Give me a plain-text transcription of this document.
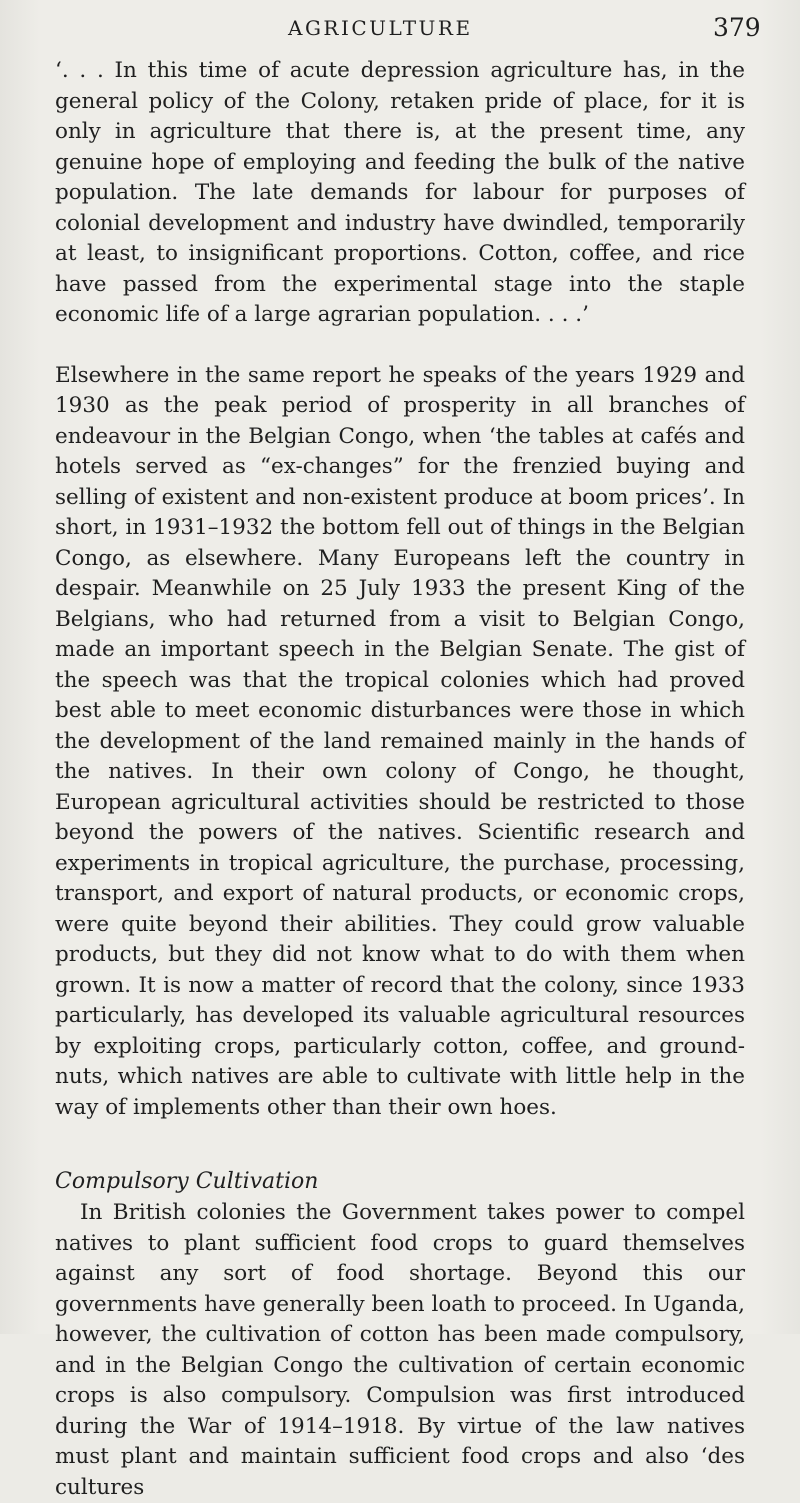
AGRICULTURE	379

‘. . . In this time of acute depression agriculture has, in the general policy of the Colony, retaken pride of place, for it is only in agriculture that there is, at the present time, any genuine hope of employing and feeding the bulk of the native population. The late demands for labour for purposes of colonial development and industry have dwindled, temporarily at least, to insignificant proportions. Cotton, coffee, and rice have passed from the experimental stage into the staple economic life of a large agrarian population. . . .’

Elsewhere in the same report he speaks of the years 1929 and 1930 as the peak period of prosperity in all branches of endeavour in the Belgian Congo, when ‘the tables at cafés and hotels served as “ex-changes” for the frenzied buying and selling of existent and non-existent produce at boom prices’. In short, in 1931–1932 the bottom fell out of things in the Belgian Congo, as elsewhere. Many Europeans left the country in despair. Meanwhile on 25 July 1933 the present King of the Belgians, who had returned from a visit to Belgian Congo, made an important speech in the Belgian Senate. The gist of the speech was that the tropical colonies which had proved best able to meet economic disturbances were those in which the development of the land remained mainly in the hands of the natives. In their own colony of Congo, he thought, European agricultural activities should be restricted to those beyond the powers of the natives. Scientific research and experiments in tropical agriculture, the purchase, processing, transport, and export of natural products, or economic crops, were quite beyond their abilities. They could grow valuable products, but they did not know what to do with them when grown. It is now a matter of record that the colony, since 1933 particularly, has developed its valuable agricultural resources by exploiting crops, particularly cotton, coffee, and ground-nuts, which natives are able to cultivate with little help in the way of implements other than their own hoes.

Compulsory Cultivation

In British colonies the Government takes power to compel natives to plant sufficient food crops to guard themselves against any sort of food shortage. Beyond this our governments have generally been loath to proceed. In Uganda, however, the cultivation of cotton has been made compulsory, and in the Belgian Congo the cultivation of certain economic crops is also compulsory. Compulsion was first introduced during the War of 1914–1918. By virtue of the law natives must plant and maintain sufficient food crops and also ‘des cultures
